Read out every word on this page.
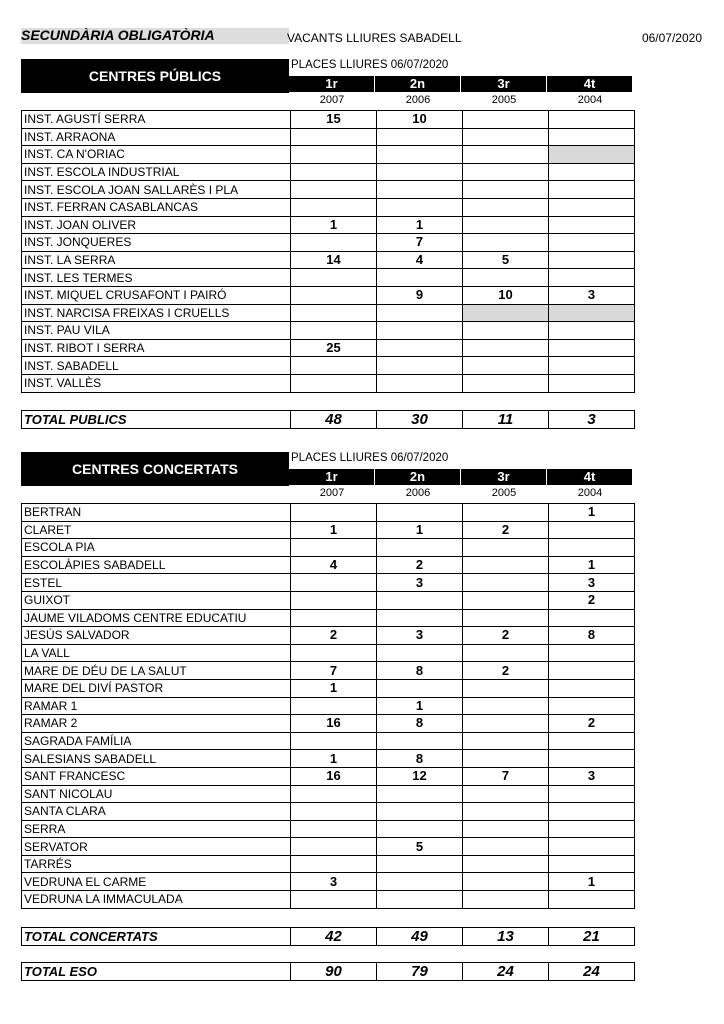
SECUNDÀRIA OBLIGATÒRIA	VACANTS LLIURES SABADELL	06/07/2020
CENTRES PÚBLICS
PLACES LLIURES 06/07/2020
1r	2n	3r	4t
2007	2006	2005	2004
INST. AGUSTÍ SERRA	15	10		
INST. ARRAONA				
INST. CA N'ORIAC				
INST. ESCOLA INDUSTRIAL				
INST. ESCOLA JOAN SALLARÈS I PLA				
INST. FERRAN CASABLANCAS				
INST. JOAN OLIVER	1	1		
INST. JONQUERES		7		
INST. LA SERRA	14	4	5	
INST. LES TERMES				
INST. MIQUEL CRUSAFONT I PAIRÓ		9	10	3
INST. NARCISA FREIXAS I CRUELLS				
INST. PAU VILA				
INST. RIBOT I SERRA	25			
INST. SABADELL				
INST. VALLÈS				
TOTAL PUBLICS	48	30	11	3
CENTRES CONCERTATS
PLACES LLIURES 06/07/2020
1r	2n	3r	4t
2007	2006	2005	2004
BERTRAN				1
CLARET	1	1	2	
ESCOLA PIA				
ESCOLÀPIES SABADELL	4	2		1
ESTEL		3		3
GUIXOT				2
JAUME VILADOMS CENTRE EDUCATIU				
JESÚS SALVADOR	2	3	2	8
LA VALL				
MARE DE DÉU DE LA SALUT	7	8	2	
MARE DEL DIVÍ PASTOR	1			
RAMAR 1		1		
RAMAR 2	16	8		2
SAGRADA FAMÍLIA				
SALESIANS SABADELL	1	8		
SANT FRANCESC	16	12	7	3
SANT NICOLAU				
SANTA CLARA				
SERRA				
SERVATOR		5		
TARRÉS				
VEDRUNA EL CARME	3			1
VEDRUNA LA IMMACULADA				
TOTAL CONCERTATS	42	49	13	21
TOTAL ESO	90	79	24	24
